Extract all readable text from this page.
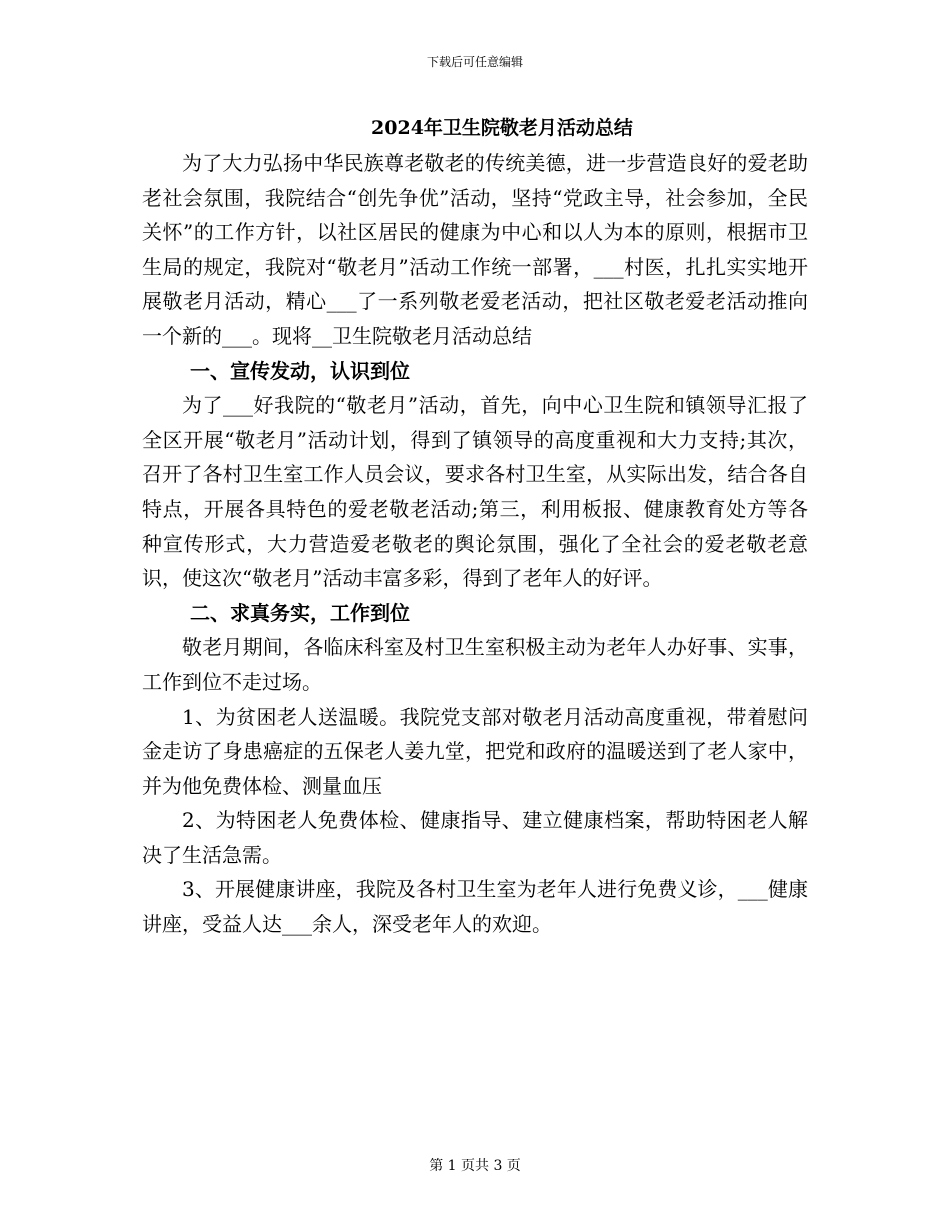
下载后可任意编辑
2024年卫生院敬老月活动总结

为了大力弘扬中华民族尊老敬老的传统美德，进一步营造良好的爱老助老社会氛围，我院结合“创先争优”活动，坚持“党政主导，社会参加，全民关怀”的工作方针，以社区居民的健康为中心和以人为本的原则，根据市卫生局的规定，我院对“敬老月”活动工作统一部署，___村医，扎扎实实地开展敬老月活动，精心___了一系列敬老爱老活动，把社区敬老爱老活动推向一个新的___。现将__卫生院敬老月活动总结

一、宣传发动，认识到位

为了___好我院的“敬老月”活动，首先，向中心卫生院和镇领导汇报了全区开展“敬老月”活动计划，得到了镇领导的高度重视和大力支持;其次，召开了各村卫生室工作人员会议，要求各村卫生室，从实际出发，结合各自特点，开展各具特色的爱老敬老活动;第三，利用板报、健康教育处方等各种宣传形式，大力营造爱老敬老的舆论氛围，强化了全社会的爱老敬老意识，使这次“敬老月”活动丰富多彩，得到了老年人的好评。

二、求真务实，工作到位

敬老月期间，各临床科室及村卫生室积极主动为老年人办好事、实事，工作到位不走过场。

1、为贫困老人送温暖。我院党支部对敬老月活动高度重视，带着慰问金走访了身患癌症的五保老人姜九堂，把党和政府的温暖送到了老人家中，并为他免费体检、测量血压

2、为特困老人免费体检、健康指导、建立健康档案，帮助特困老人解决了生活急需。

3、开展健康讲座，我院及各村卫生室为老年人进行免费义诊，___健康讲座，受益人达___余人，深受老年人的欢迎。

第 1 页共 3 页
